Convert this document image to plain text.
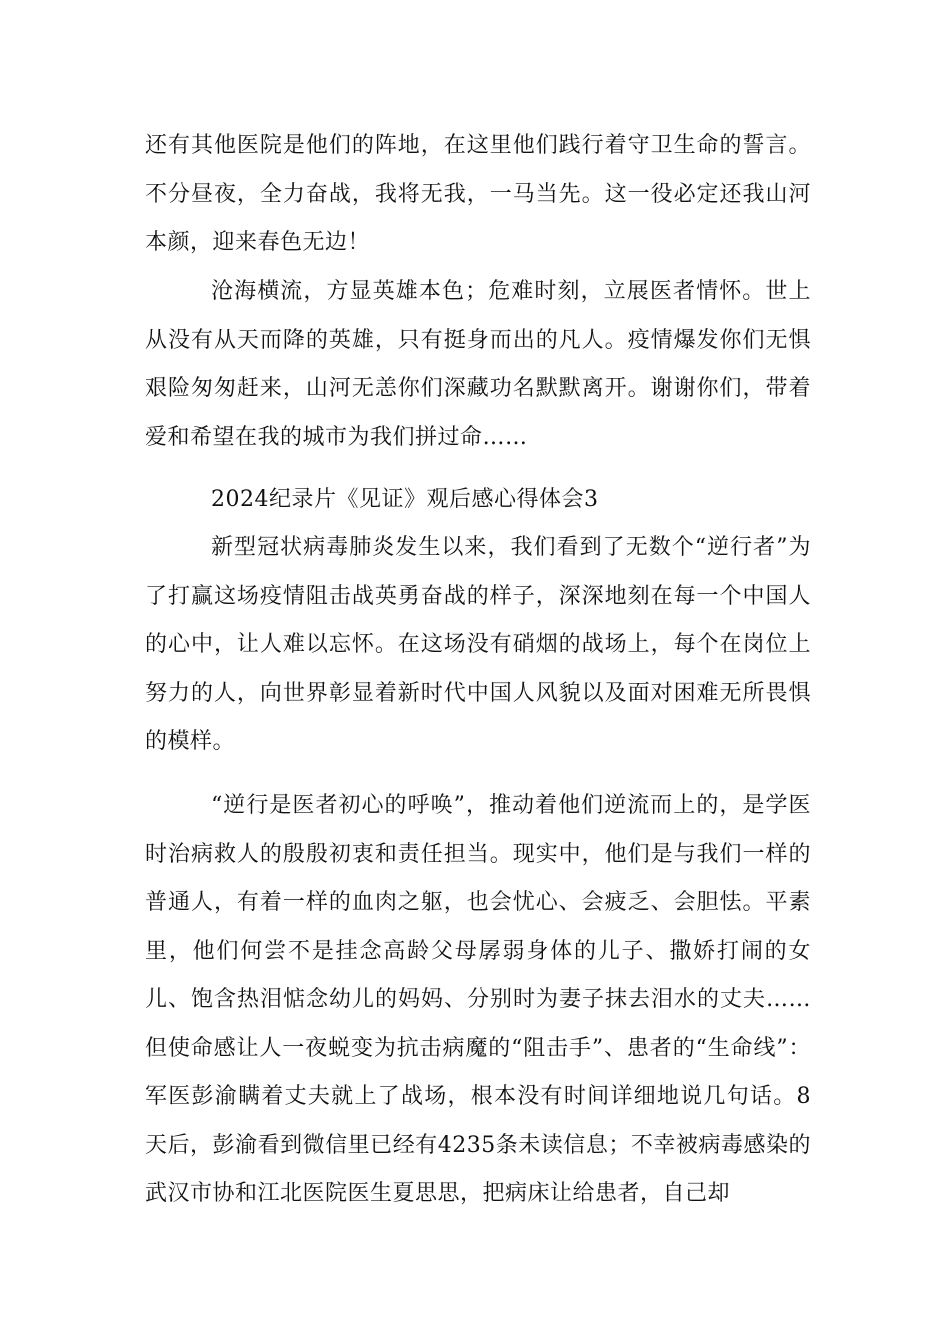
还有其他医院是他们的阵地，在这里他们践行着守卫生命的誓言。不分昼夜，全力奋战，我将无我，一马当先。这一役必定还我山河本颜，迎来春色无边！

沧海横流，方显英雄本色；危难时刻，立展医者情怀。世上从没有从天而降的英雄，只有挺身而出的凡人。疫情爆发你们无惧艰险匆匆赶来，山河无恙你们深藏功名默默离开。谢谢你们，带着爱和希望在我的城市为我们拼过命……

2024纪录片《见证》观后感心得体会3

新型冠状病毒肺炎发生以来，我们看到了无数个“逆行者”为了打赢这场疫情阻击战英勇奋战的样子，深深地刻在每一个中国人的心中，让人难以忘怀。在这场没有硝烟的战场上，每个在岗位上努力的人，向世界彰显着新时代中国人风貌以及面对困难无所畏惧的模样。

“逆行是医者初心的呼唤”，推动着他们逆流而上的，是学医时治病救人的殷殷初衷和责任担当。现实中，他们是与我们一样的普通人，有着一样的血肉之躯，也会忧心、会疲乏、会胆怯。平素里，他们何尝不是挂念高龄父母孱弱身体的儿子、撒娇打闹的女儿、饱含热泪惦念幼儿的妈妈、分别时为妻子抹去泪水的丈夫……但使命感让人一夜蜕变为抗击病魔的“阻击手”、患者的“生命线”：军医彭渝瞒着丈夫就上了战场，根本没有时间详细地说几句话。8天后，彭渝看到微信里已经有4235条未读信息；不幸被病毒感染的武汉市协和江北医院医生夏思思，把病床让给患者，自己却
